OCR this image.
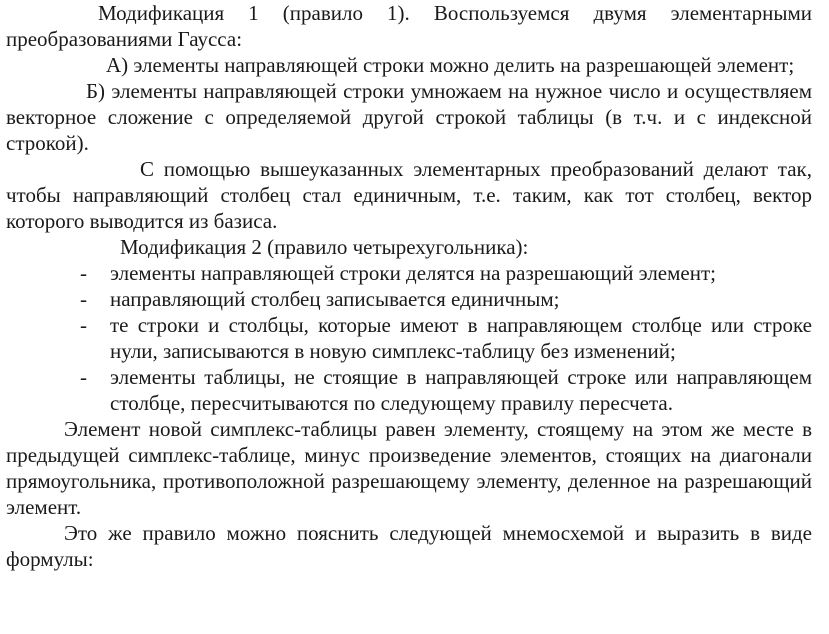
Модификация 1 (правило 1). Воспользуемся двумя элементарными преобразованиями Гаусса:

А) элементы направляющей строки можно делить на разрешающей элемент;

Б) элементы направляющей строки умножаем на нужное число и осуществляем векторное сложение с определяемой другой строкой таблицы (в т.ч. и с индексной строкой).

С помощью вышеуказанных элементарных преобразований делают так, чтобы направляющий столбец стал единичным, т.е. таким, как тот столбец, вектор которого выводится из базиса.

Модификация 2 (правило четырехугольника):

- элементы направляющей строки делятся на разрешающий элемент;
- направляющий столбец записывается единичным;
- те строки и столбцы, которые имеют в направляющем столбце или строке нули, записываются в новую симплекс-таблицу без изменений;
- элементы таблицы, не стоящие в направляющей строке или направляющем столбце, пересчитываются по следующему правилу пересчета.

Элемент новой симплекс-таблицы равен элементу, стоящему на этом же месте в предыдущей симплекс-таблице, минус произведение элементов, стоящих на диагонали прямоугольника, противоположной разрешающему элементу, деленное на разрешающий элемент.

Это же правило можно пояснить следующей мнемосхемой и выразить в виде формулы:
